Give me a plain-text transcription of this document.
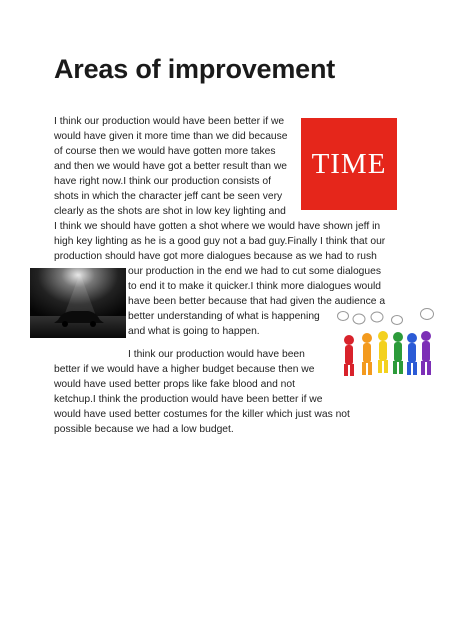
Areas of improvement
I think our production would have been better if we
would have given it more time than we did because
of course then we would have gotten more takes
and then we would have got a better result than we
have right now.I think our production consists of
shots in which the character jeff cant be seen very
clearly as the shots are shot in low key lighting and
I think we should have gotten a shot where we would have shown jeff in
high key lighting as he is a good guy not a bad guy.Finally I think that our
production should have got more dialogues because as we had to rush
our production in the end we had to cut some dialogues
to end it to make it quicker.I think more dialogues would
have been better because that had given the audience a
better understanding of what is happening
and what is going to happen.
I think our production would have been
better if we would have a higher budget because then we
would have used better props like fake blood and not
ketchup.I think the production would have been better if we
would have used better costumes for the killer which just was not
possible because we had a low budget.
TIME
